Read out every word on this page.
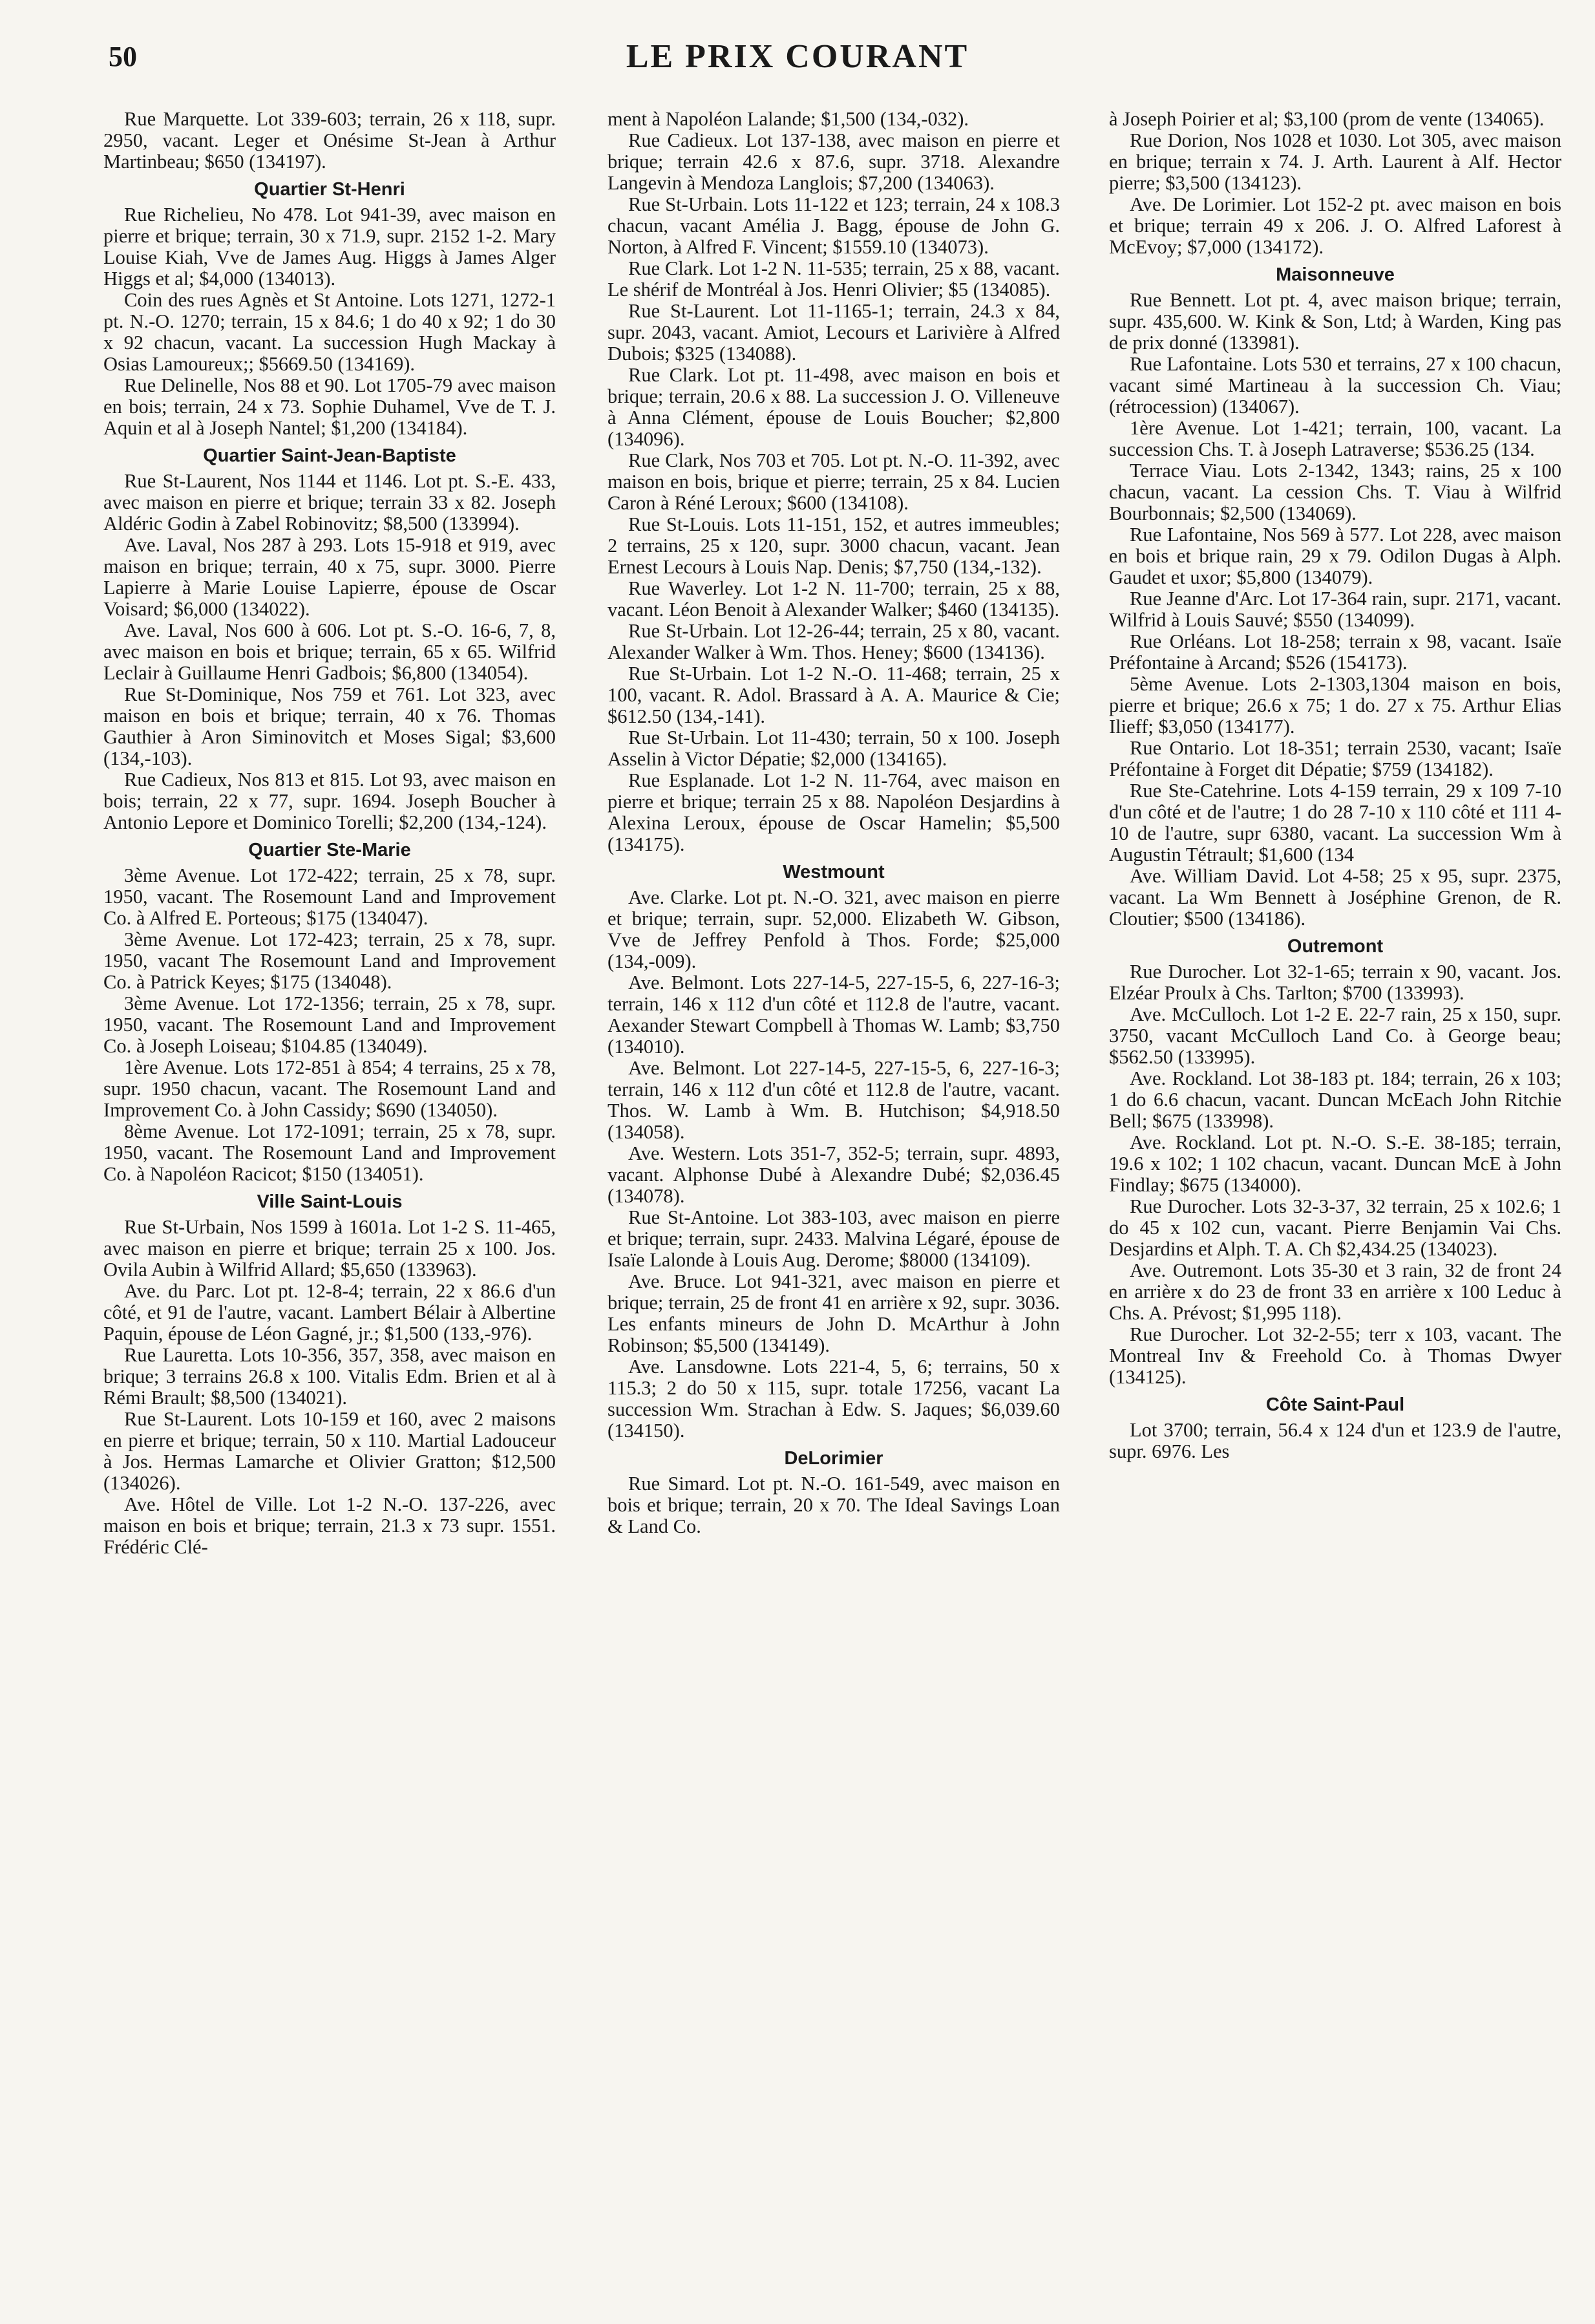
50	LE PRIX COURANT

Rue Marquette. Lot 339-603; terrain, 26 x 118, supr. 2950, vacant. Leger et Onésime St-Jean à Arthur Martinbeau; $650 (134197).

Quartier St-Henri

Rue Richelieu, No 478. Lot 941-39, avec maison en pierre et brique; terrain, 30 x 71.9, supr. 2152 1-2. Mary Louise Kiah, Vve de James Aug. Higgs à James Alger Higgs et al; $4,000 (134013).

Coin des rues Agnès et St Antoine. Lots 1271, 1272-1 pt. N.-O. 1270; terrain, 15 x 84.6; 1 do 40 x 92; 1 do 30 x 92 chacun, vacant. La succession Hugh Mackay à Osias Lamoureux;; $5669.50 (134169).

Rue Delinelle, Nos 88 et 90. Lot 1705-79 avec maison en bois; terrain, 24 x 73. Sophie Duhamel, Vve de T. J. Aquin et al à Joseph Nantel; $1,200 (134184).

Quartier Saint-Jean-Baptiste

Rue St-Laurent, Nos 1144 et 1146. Lot pt. S.-E. 433, avec maison en pierre et brique; terrain 33 x 82. Joseph Aldéric Godin à Zabel Robinovitz; $8,500 (133994).

Ave. Laval, Nos 287 à 293. Lots 15-918 et 919, avec maison en brique; terrain, 40 x 75, supr. 3000. Pierre Lapierre à Marie Louise Lapierre, épouse de Oscar Voisard; $6,000 (134022).

Ave. Laval, Nos 600 à 606. Lot pt. S.-O. 16-6, 7, 8, avec maison en bois et brique; terrain, 65 x 65. Wilfrid Leclair à Guillaume Henri Gadbois; $6,800 (134054).

Rue St-Dominique, Nos 759 et 761. Lot 323, avec maison en bois et brique; terrain, 40 x 76. Thomas Gauthier à Aron Siminovitch et Moses Sigal; $3,600 (134,-103).

Rue Cadieux, Nos 813 et 815. Lot 93, avec maison en bois; terrain, 22 x 77, supr. 1694. Joseph Boucher à Antonio Lepore et Dominico Torelli; $2,200 (134,-124).

Quartier Ste-Marie

3ème Avenue. Lot 172-422; terrain, 25 x 78, supr. 1950, vacant. The Rosemount Land and Improvement Co. à Alfred E. Porteous; $175 (134047).

3ème Avenue. Lot 172-423; terrain, 25 x 78, supr. 1950, vacant The Rosemount Land and Improvement Co. à Patrick Keyes; $175 (134048).

3ème Avenue. Lot 172-1356; terrain, 25 x 78, supr. 1950, vacant. The Rosemount Land and Improvement Co. à Joseph Loiseau; $104.85 (134049).

1ère Avenue. Lots 172-851 à 854; 4 terrains, 25 x 78, supr. 1950 chacun, vacant. The Rosemount Land and Improvement Co. à John Cassidy; $690 (134050).

8ème Avenue. Lot 172-1091; terrain, 25 x 78, supr. 1950, vacant. The Rosemount Land and Improvement Co. à Napoléon Racicot; $150 (134051).

Ville Saint-Louis

Rue St-Urbain, Nos 1599 à 1601a. Lot 1-2 S. 11-465, avec maison en pierre et brique; terrain 25 x 100. Jos. Ovila Aubin à Wilfrid Allard; $5,650 (133963).

Ave. du Parc. Lot pt. 12-8-4; terrain, 22 x 86.6 d'un côté, et 91 de l'autre, vacant. Lambert Bélair à Albertine Paquin, épouse de Léon Gagné, jr.; $1,500 (133,-976).

Rue Lauretta. Lots 10-356, 357, 358, avec maison en brique; 3 terrains 26.8 x 100. Vitalis Edm. Brien et al à Rémi Brault; $8,500 (134021).

Rue St-Laurent. Lots 10-159 et 160, avec 2 maisons en pierre et brique; terrain, 50 x 110. Martial Ladouceur à Jos. Hermas Lamarche et Olivier Gratton; $12,500 (134026).

Ave. Hôtel de Ville. Lot 1-2 N.-O. 137-226, avec maison en bois et brique; terrain, 21.3 x 73 supr. 1551. Frédéric Clé-

ment à Napoléon Lalande; $1,500 (134,-032).

Rue Cadieux. Lot 137-138, avec maison en pierre et brique; terrain 42.6 x 87.6, supr. 3718. Alexandre Langevin à Mendoza Langlois; $7,200 (134063).

Rue St-Urbain. Lots 11-122 et 123; terrain, 24 x 108.3 chacun, vacant Amélia J. Bagg, épouse de John G. Norton, à Alfred F. Vincent; $1559.10 (134073).

Rue Clark. Lot 1-2 N. 11-535; terrain, 25 x 88, vacant. Le shérif de Montréal à Jos. Henri Olivier; $5 (134085).

Rue St-Laurent. Lot 11-1165-1; terrain, 24.3 x 84, supr. 2043, vacant. Amiot, Lecours et Larivière à Alfred Dubois; $325 (134088).

Rue Clark. Lot pt. 11-498, avec maison en bois et brique; terrain, 20.6 x 88. La succession J. O. Villeneuve à Anna Clément, épouse de Louis Boucher; $2,800 (134096).

Rue Clark, Nos 703 et 705. Lot pt. N.-O. 11-392, avec maison en bois, brique et pierre; terrain, 25 x 84. Lucien Caron à Réné Leroux; $600 (134108).

Rue St-Louis. Lots 11-151, 152, et autres immeubles; 2 terrains, 25 x 120, supr. 3000 chacun, vacant. Jean Ernest Lecours à Louis Nap. Denis; $7,750 (134,-132).

Rue Waverley. Lot 1-2 N. 11-700; terrain, 25 x 88, vacant. Léon Benoit à Alexander Walker; $460 (134135).

Rue St-Urbain. Lot 12-26-44; terrain, 25 x 80, vacant. Alexander Walker à Wm. Thos. Heney; $600 (134136).

Rue St-Urbain. Lot 1-2 N.-O. 11-468; terrain, 25 x 100, vacant. R. Adol. Brassard à A. A. Maurice & Cie; $612.50 (134,-141).

Rue St-Urbain. Lot 11-430; terrain, 50 x 100. Joseph Asselin à Victor Dépatie; $2,000 (134165).

Rue Esplanade. Lot 1-2 N. 11-764, avec maison en pierre et brique; terrain 25 x 88. Napoléon Desjardins à Alexina Leroux, épouse de Oscar Hamelin; $5,500 (134175).

Westmount

Ave. Clarke. Lot pt. N.-O. 321, avec maison en pierre et brique; terrain, supr. 52,000. Elizabeth W. Gibson, Vve de Jeffrey Penfold à Thos. Forde; $25,000 (134,-009).

Ave. Belmont. Lots 227-14-5, 227-15-5, 6, 227-16-3; terrain, 146 x 112 d'un côté et 112.8 de l'autre, vacant. Aexander Stewart Compbell à Thomas W. Lamb; $3,750 (134010).

Ave. Belmont. Lot 227-14-5, 227-15-5, 6, 227-16-3; terrain, 146 x 112 d'un côté et 112.8 de l'autre, vacant. Thos. W. Lamb à Wm. B. Hutchison; $4,918.50 (134058).

Ave. Western. Lots 351-7, 352-5; terrain, supr. 4893, vacant. Alphonse Dubé à Alexandre Dubé; $2,036.45 (134078).

Rue St-Antoine. Lot 383-103, avec maison en pierre et brique; terrain, supr. 2433. Malvina Légaré, épouse de Isaïe Lalonde à Louis Aug. Derome; $8000 (134109).

Ave. Bruce. Lot 941-321, avec maison en pierre et brique; terrain, 25 de front 41 en arrière x 92, supr. 3036. Les enfants mineurs de John D. McArthur à John Robinson; $5,500 (134149).

Ave. Lansdowne. Lots 221-4, 5, 6; terrains, 50 x 115.3; 2 do 50 x 115, supr. totale 17256, vacant La succession Wm. Strachan à Edw. S. Jaques; $6,039.60 (134150).

DeLorimier

Rue Simard. Lot pt. N.-O. 161-549, avec maison en bois et brique; terrain, 20 x 70. The Ideal Savings Loan & Land Co.

à Joseph Poirier et al; $3,100 (prom de vente (134065).

Rue Dorion, Nos 1028 et 1030. Lot 305, avec maison en brique; terrain x 74. J. Arth. Laurent à Alf. Hector pierre; $3,500 (134123).

Ave. De Lorimier. Lot 152-2 pt. avec maison en bois et brique; terrain 49 x 206. J. O. Alfred Laforest à McEvoy; $7,000 (134172).

Maisonneuve

Rue Bennett. Lot pt. 4, avec maison brique; terrain, supr. 435,600. W. Kink & Son, Ltd; à Warden, King pas de prix donné (133981).

Rue Lafontaine. Lots 530 et terrains, 27 x 100 chacun, vacant simé Martineau à la succession Ch. Viau; (rétrocession) (134067).

1ère Avenue. Lot 1-421; terrain, 100, vacant. La succession Chs. T. à Joseph Latraverse; $536.25 (134.

Terrace Viau. Lots 2-1342, 1343; rains, 25 x 100 chacun, vacant. La cession Chs. T. Viau à Wilfrid Bourbonnais; $2,500 (134069).

Rue Lafontaine, Nos 569 à 577. Lot 228, avec maison en bois et brique rain, 29 x 79. Odilon Dugas à Alph. Gaudet et uxor; $5,800 (134079).

Rue Jeanne d'Arc. Lot 17-364 rain, supr. 2171, vacant. Wilfrid à Louis Sauvé; $550 (134099).

Rue Orléans. Lot 18-258; terrain x 98, vacant. Isaïe Préfontaine à Arcand; $526 (154173).

5ème Avenue. Lots 2-1303,1304 maison en bois, pierre et brique; 26.6 x 75; 1 do. 27 x 75. Arthur Elias Ilieff; $3,050 (134177).

Rue Ontario. Lot 18-351; terrain 2530, vacant; Isaïe Préfontaine à Forget dit Dépatie; $759 (134182).

Rue Ste-Catehrine. Lots 4-159 terrain, 29 x 109 7-10 d'un côté et de l'autre; 1 do 28 7-10 x 110 côté et 111 4-10 de l'autre, supr 6380, vacant. La succession Wm à Augustin Tétrault; $1,600 (134

Ave. William David. Lot 4-58; 25 x 95, supr. 2375, vacant. La Wm Bennett à Joséphine Grenon, de R. Cloutier; $500 (134186).

Outremont

Rue Durocher. Lot 32-1-65; terrain x 90, vacant. Jos. Elzéar Proulx à Chs. Tarlton; $700 (133993).

Ave. McCulloch. Lot 1-2 E. 22-7 rain, 25 x 150, supr. 3750, vacant McCulloch Land Co. à George beau; $562.50 (133995).

Ave. Rockland. Lot 38-183 pt. 184; terrain, 26 x 103; 1 do 6.6 chacun, vacant. Duncan McEach John Ritchie Bell; $675 (133998).

Ave. Rockland. Lot pt. N.-O. S.-E. 38-185; terrain, 19.6 x 102; 1 102 chacun, vacant. Duncan McE à John Findlay; $675 (134000).

Rue Durocher. Lots 32-3-37, 32 terrain, 25 x 102.6; 1 do 45 x 102 cun, vacant. Pierre Benjamin Vai Chs. Desjardins et Alph. T. A. Ch $2,434.25 (134023).

Ave. Outremont. Lots 35-30 et 3 rain, 32 de front 24 en arrière x do 23 de front 33 en arrière x 100 Leduc à Chs. A. Prévost; $1,995 118).

Rue Durocher. Lot 32-2-55; terr x 103, vacant. The Montreal Inv & Freehold Co. à Thomas Dwyer (134125).

Côte Saint-Paul

Lot 3700; terrain, 56.4 x 124 d'un et 123.9 de l'autre, supr. 6976. Les
